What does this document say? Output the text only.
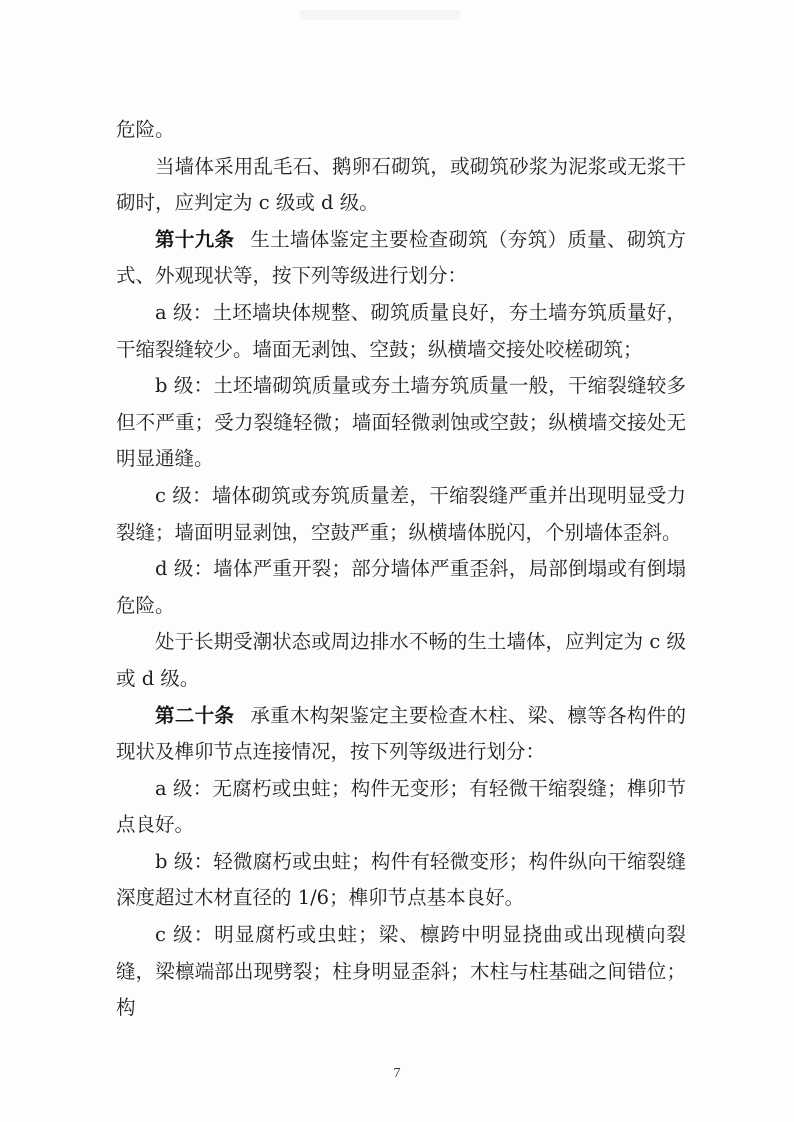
危险。

当墙体采用乱毛石、鹅卵石砌筑，或砌筑砂浆为泥浆或无浆干砌时，应判定为 c 级或 d 级。

第十九条 生土墙体鉴定主要检查砌筑（夯筑）质量、砌筑方式、外观现状等，按下列等级进行划分：

a 级：土坯墙块体规整、砌筑质量良好，夯土墙夯筑质量好，干缩裂缝较少。墙面无剥蚀、空鼓；纵横墙交接处咬槎砌筑；

b 级：土坯墙砌筑质量或夯土墙夯筑质量一般，干缩裂缝较多但不严重；受力裂缝轻微；墙面轻微剥蚀或空鼓；纵横墙交接处无明显通缝。

c 级：墙体砌筑或夯筑质量差，干缩裂缝严重并出现明显受力裂缝；墙面明显剥蚀，空鼓严重；纵横墙体脱闪，个别墙体歪斜。

d 级：墙体严重开裂；部分墙体严重歪斜，局部倒塌或有倒塌危险。

处于长期受潮状态或周边排水不畅的生土墙体，应判定为 c 级或 d 级。

第二十条 承重木构架鉴定主要检查木柱、梁、檩等各构件的现状及榫卯节点连接情况，按下列等级进行划分：

a 级：无腐朽或虫蛀；构件无变形；有轻微干缩裂缝；榫卯节点良好。

b 级：轻微腐朽或虫蛀；构件有轻微变形；构件纵向干缩裂缝深度超过木材直径的 1/6；榫卯节点基本良好。

c 级：明显腐朽或虫蛀；梁、檩跨中明显挠曲或出现横向裂缝，梁檩端部出现劈裂；柱身明显歪斜；木柱与柱基础之间错位；构

7
